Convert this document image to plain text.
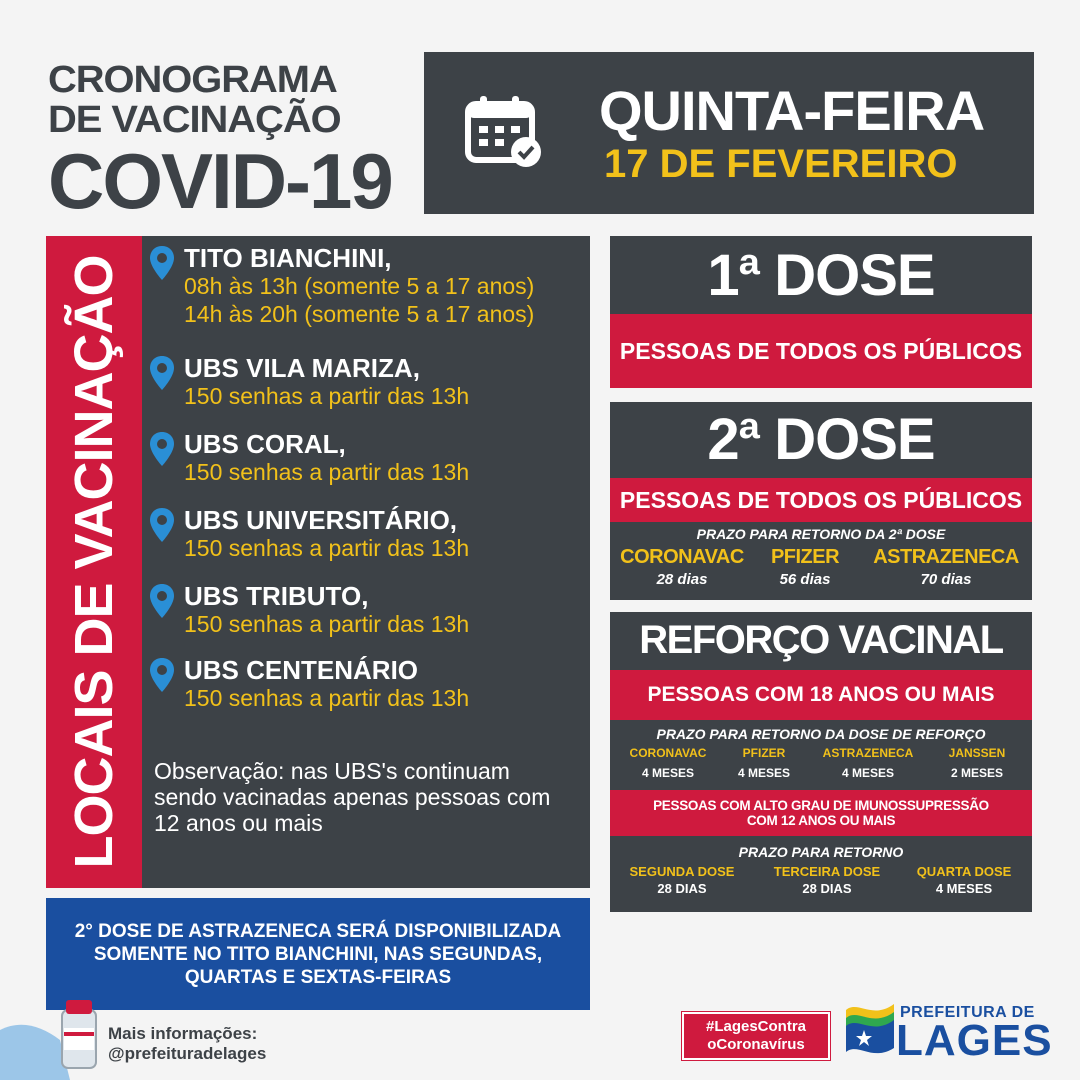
CRONOGRAMA
DE VACINAÇÃO
COVID-19
QUINTA-FEIRA
17 DE FEVEREIRO
LOCAIS DE VACINAÇÃO TITO BIANCHINI,
08h às 13h (somente 5 a 17 anos)
14h às 20h (somente 5 a 17 anos)
UBS VILA MARIZA,
150 senhas a partir das 13h
UBS CORAL,
150 senhas a partir das 13h
UBS UNIVERSITÁRIO,
150 senhas a partir das 13h
UBS TRIBUTO,
150 senhas a partir das 13h
UBS CENTENÁRIO
150 senhas a partir das 13h
Observação: nas UBS's continuam sendo vacinadas apenas pessoas com 12 anos ou mais
1ª DOSE
PESSOAS DE TODOS OS PÚBLICOS
2ª DOSE
PESSOAS DE TODOS OS PÚBLICOS
PRAZO PARA RETORNO DA 2ª DOSE
CORONAVAC
28 dias
PFIZER
56 dias
ASTRAZENECA
70 dias
REFORÇO VACINAL
PESSOAS COM 18 ANOS OU MAIS
PRAZO PARA RETORNO DA DOSE DE REFORÇO
CORONAVAC
4 MESES
PFIZER
4 MESES
ASTRAZENECA
4 MESES
JANSSEN
2 MESES
PESSOAS COM ALTO GRAU DE IMUNOSSUPRESSÃO
COM 12 ANOS OU MAIS
PRAZO PARA RETORNO
SEGUNDA DOSE
28 DIAS
TERCEIRA DOSE
28 DIAS
QUARTA DOSE
4 MESES
2° DOSE DE ASTRAZENECA SERÁ DISPONIBILIZADA SOMENTE NO TITO BIANCHINI, NAS SEGUNDAS, QUARTAS E SEXTAS-FEIRAS
Mais informações:
@prefeituradelages
#LagesContra
oCoronavírus
PREFEITURA DE
LAGES
